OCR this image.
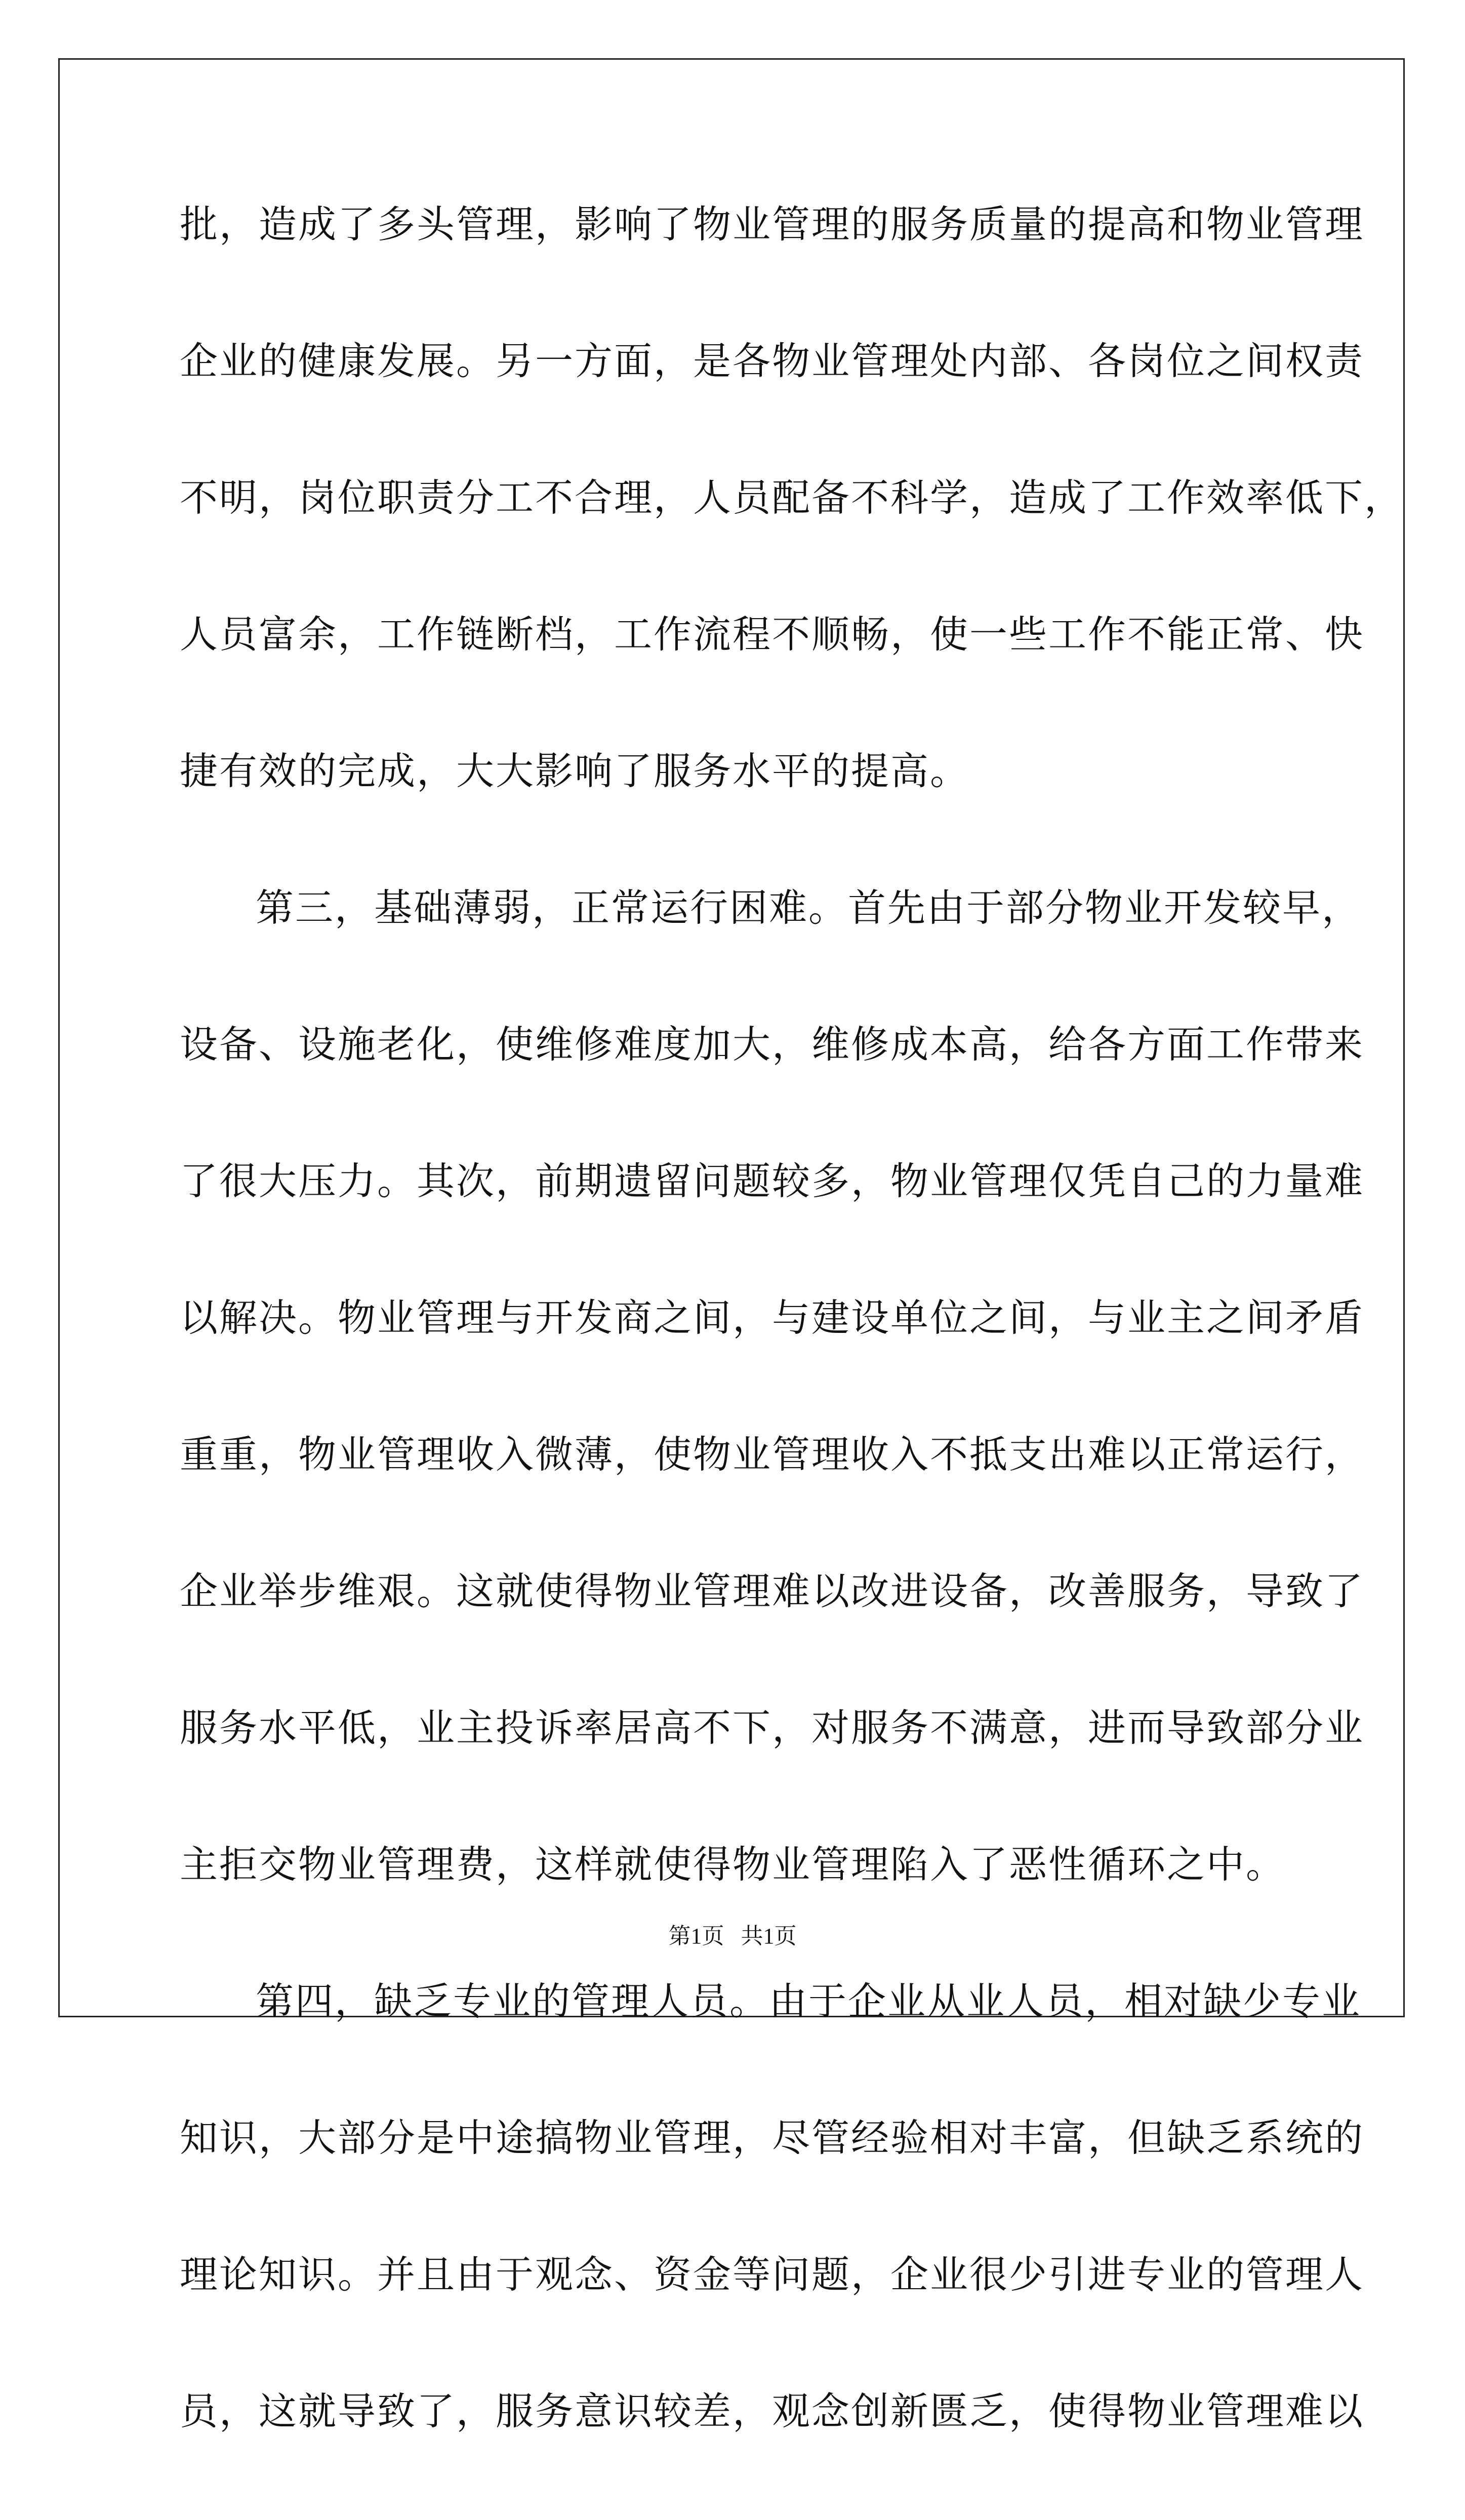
批，造成了多头管理，影响了物业管理的服务质量的提高和物业管理
企业的健康发展。另一方面，是各物业管理处内部、各岗位之间权责
不明，岗位职责分工不合理，人员配备不科学，造成了工作效率低下，
人员富余，工作链断档，工作流程不顺畅，使一些工作不能正常、快
捷有效的完成，大大影响了服务水平的提高。
第三，基础薄弱，正常运行困难。首先由于部分物业开发较早，
设备、设施老化，使维修难度加大，维修成本高，给各方面工作带来
了很大压力。其次，前期遗留问题较多，物业管理仅凭自己的力量难
以解决。物业管理与开发商之间，与建设单位之间，与业主之间矛盾
重重，物业管理收入微薄，使物业管理收入不抵支出难以正常运行，
企业举步维艰。这就使得物业管理难以改进设备，改善服务，导致了
服务水平低，业主投诉率居高不下，对服务不满意，进而导致部分业
主拒交物业管理费，这样就使得物业管理陷入了恶性循环之中。
第四，缺乏专业的管理人员。由于企业从业人员，相对缺少专业
知识，大部分是中途搞物业管理，尽管经验相对丰富，但缺乏系统的
理论知识。并且由于观念、资金等问题，企业很少引进专业的管理人
员，这就导致了，服务意识较差，观念创新匮乏，使得物业管理难以
第1页   共1页
